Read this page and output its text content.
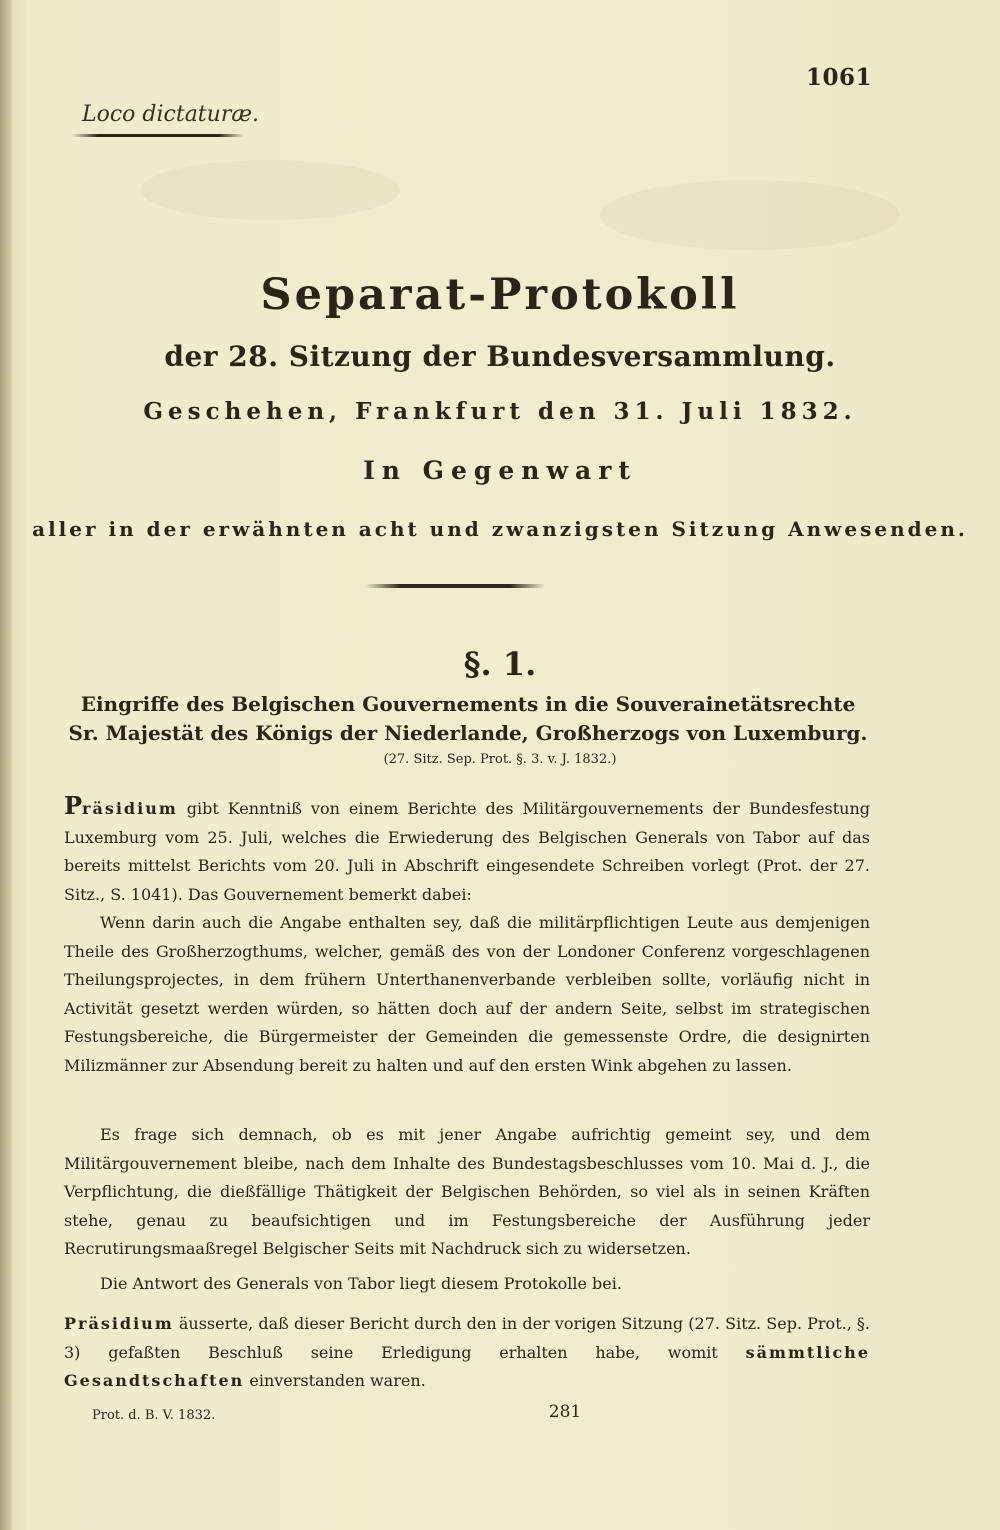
1061
Loco dictaturæ.
Separat-Protokoll
der 28. Sitzung der Bundesversammlung.
Geschehen, Frankfurt den 31. Juli 1832.
In Gegenwart
aller in der erwähnten acht und zwanzigsten Sitzung Anwesenden.
§. 1.
Eingriffe des Belgischen Gouvernements in die Souverainetätsrechte Sr. Majestät des Königs der Niederlande, Großherzogs von Luxemburg.
(27. Sitz. Sep. Prot. §. 3. v. J. 1832.)
Präsidium gibt Kenntniß von einem Berichte des Militärgouvernements der Bundesfestung Luxemburg vom 25. Juli, welches die Erwiederung des Belgischen Generals von Tabor auf das bereits mittelst Berichts vom 20. Juli in Abschrift eingesendete Schreiben vorlegt (Prot. der 27. Sitz., S. 1041). Das Gouvernement bemerkt dabei:
Wenn darin auch die Angabe enthalten sey, daß die militärpflichtigen Leute aus demjenigen Theile des Großherzogthums, welcher, gemäß des von der Londoner Conferenz vorgeschlagenen Theilungsprojectes, in dem frühern Unterthanenverbande verbleiben sollte, vorläufig nicht in Activität gesetzt werden würden, so hätten doch auf der andern Seite, selbst im strategischen Festungsbereiche, die Bürgermeister der Gemeinden die gemessenste Ordre, die designirten Milizmänner zur Absendung bereit zu halten und auf den ersten Wink abgehen zu lassen.
Es frage sich demnach, ob es mit jener Angabe aufrichtig gemeint sey, und dem Militärgouvernement bleibe, nach dem Inhalte des Bundestagsbeschlusses vom 10. Mai d. J., die Verpflichtung, die dießfällige Thätigkeit der Belgischen Behörden, so viel als in seinen Kräften stehe, genau zu beaufsichtigen und im Festungsbereiche der Ausführung jeder Recrutirungsmaaßregel Belgischer Seits mit Nachdruck sich zu widersetzen.
Die Antwort des Generals von Tabor liegt diesem Protokolle bei.
Präsidium äusserte, daß dieser Bericht durch den in der vorigen Sitzung (27. Sitz. Sep. Prot., §. 3) gefaßten Beschluß seine Erledigung erhalten habe, womit sämmtliche Gesandtschaften einverstanden waren.
Prot. d. B. V. 1832.	281
